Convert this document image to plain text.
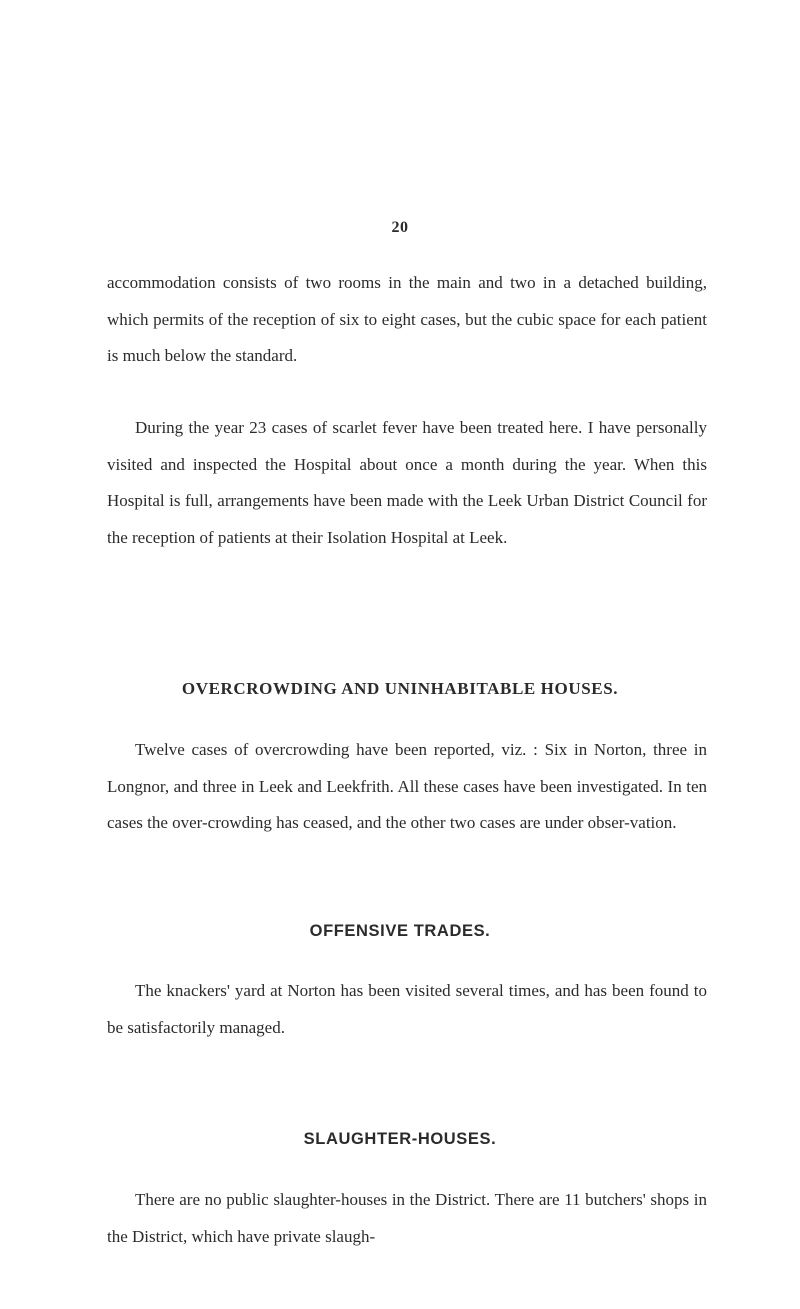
20

accommodation consists of two rooms in the main and two in a detached building, which permits of the reception of six to eight cases, but the cubic space for each patient is much below the standard.

During the year 23 cases of scarlet fever have been treated here. I have personally visited and inspected the Hospital about once a month during the year. When this Hospital is full, arrangements have been made with the Leek Urban District Council for the reception of patients at their Isolation Hospital at Leek.

OVERCROWDING AND UNINHABITABLE HOUSES.

Twelve cases of overcrowding have been reported, viz. : Six in Norton, three in Longnor, and three in Leek and Leekfrith. All these cases have been investigated. In ten cases the over-crowding has ceased, and the other two cases are under obser-vation.

OFFENSIVE TRADES.

The knackers' yard at Norton has been visited several times, and has been found to be satisfactorily managed.

SLAUGHTER-HOUSES.

There are no public slaughter-houses in the District. There are 11 butchers' shops in the District, which have private slaugh-
